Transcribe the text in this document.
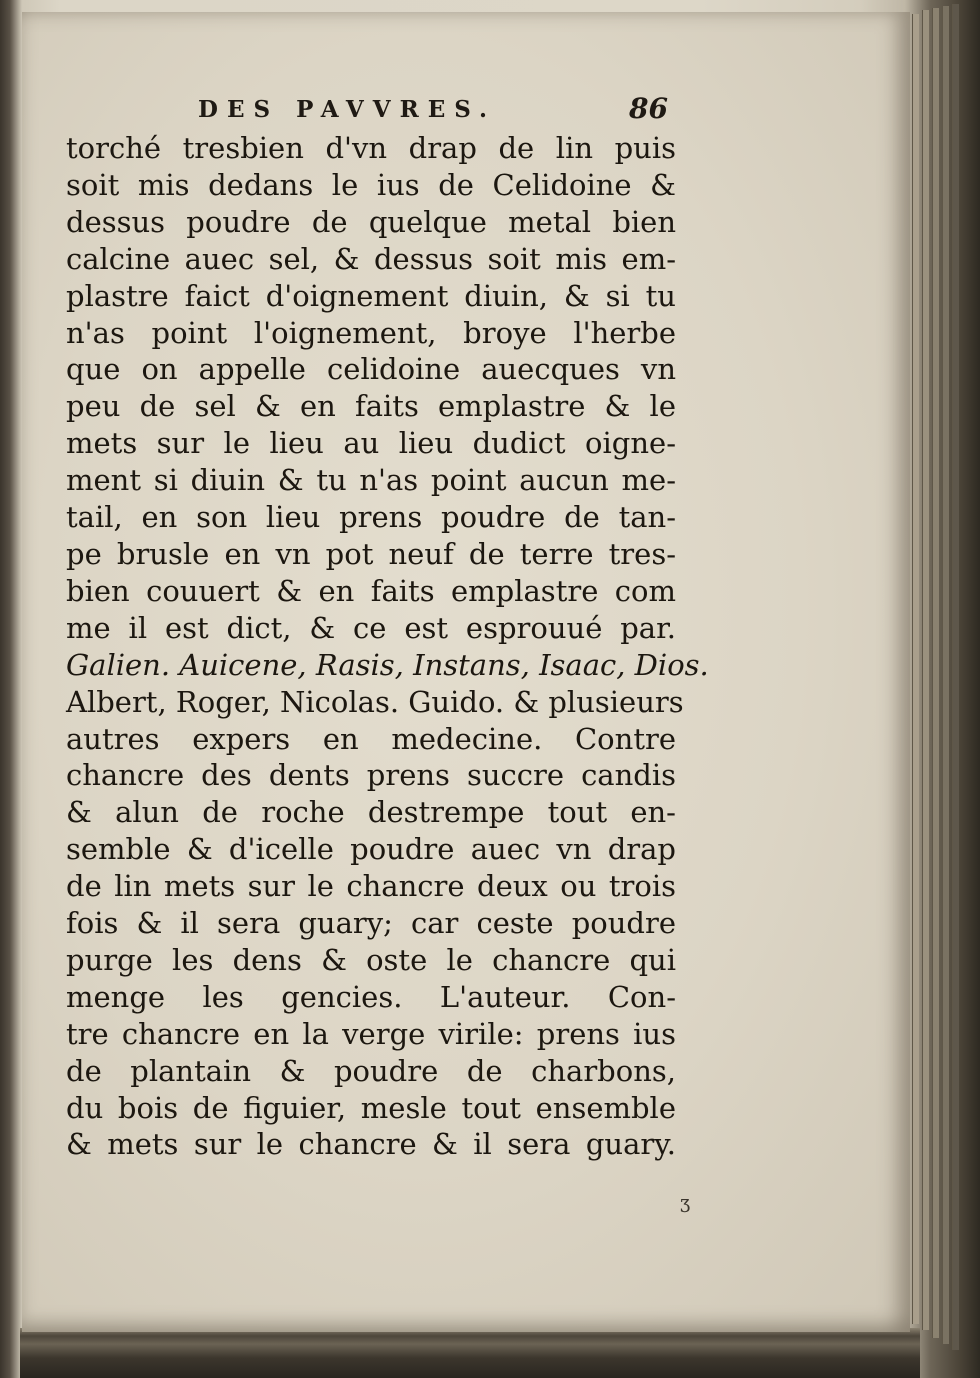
DES PAVVRES.	86
torché tresbien d'vn drap de lin puis
soit mis dedans le ius de Celidoine &
dessus poudre de quelque metal bien
calcine auec sel, & dessus soit mis em-
plastre faict d'oignement diuin, & si tu
n'as point l'oignement, broye l'herbe
que on appelle celidoine auecques vn
peu de sel & en faits emplastre & le
mets sur le lieu au lieu dudict oigne-
ment si diuin & tu n'as point aucun me-
tail, en son lieu prens poudre de tan-
pe brusle en vn pot neuf de terre tres-
bien couuert & en faits emplastre com
me il est dict, & ce est esprouué par.
Galien. Auicene, Rasis, Instans, Isaac, Dios.
Albert, Roger, Nicolas. Guido. & plusieurs
autres expers en medecine. Contre
chancre des dents prens succre candis
& alun de roche destrempe tout en-
semble & d'icelle poudre auec vn drap
de lin mets sur le chancre deux ou trois
fois & il sera guary; car ceste poudre
purge les dens & oste le chancre qui
menge les gencies. L'auteur. Con-
tre chancre en la verge virile: prens ius
de plantain & poudre de charbons,
du bois de figuier, mesle tout ensemble
& mets sur le chancre & il sera guary.
Ʒ
